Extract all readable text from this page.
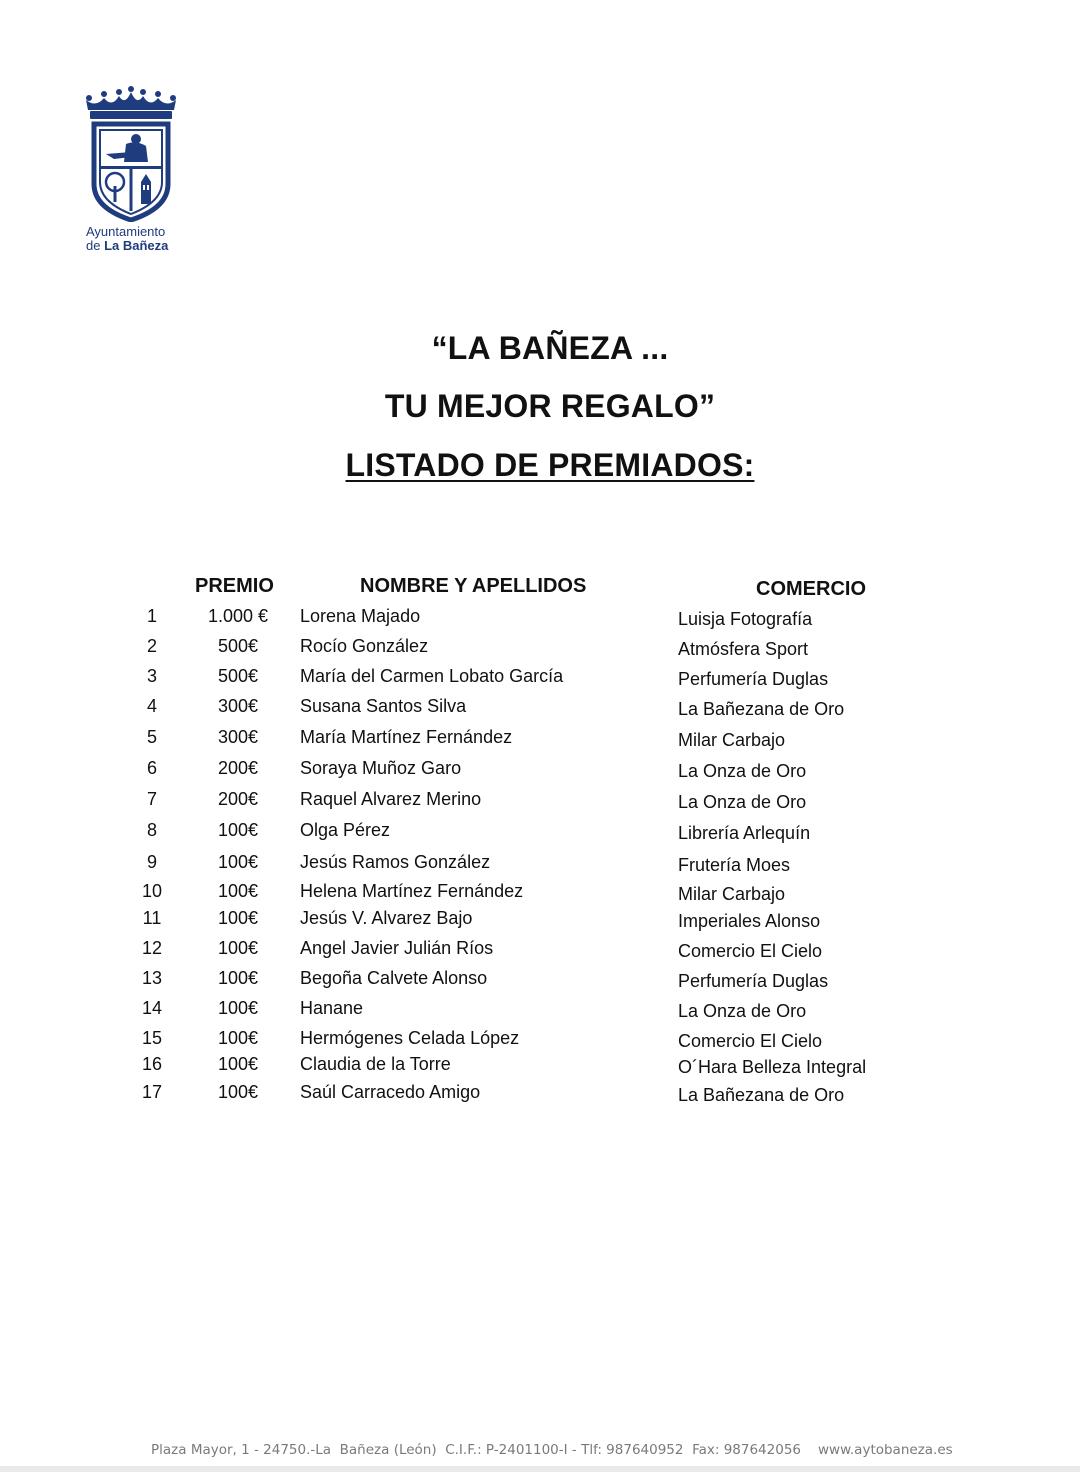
Ayuntamiento
de La Bañeza
“LA BAÑEZA ...
TU MEJOR REGALO”
LISTADO DE PREMIADOS:
PREMIO	NOMBRE Y APELLIDOS	COMERCIO
1	1.000 €	Lorena Majado	Luisja Fotografía
2	500€	Rocío González	Atmósfera Sport
3	500€	María del Carmen Lobato García	Perfumería Duglas
4	300€	Susana Santos Silva	La Bañezana de Oro
5	300€	María Martínez Fernández	Milar Carbajo
6	200€	Soraya Muñoz Garo	La Onza de Oro
7	200€	Raquel Alvarez Merino	La Onza de Oro
8	100€	Olga Pérez	Librería Arlequín
9	100€	Jesús Ramos González	Frutería Moes
10	100€	Helena Martínez Fernández	Milar Carbajo
11	100€	Jesús V. Alvarez Bajo	Imperiales Alonso
12	100€	Angel Javier Julián Ríos	Comercio El Cielo
13	100€	Begoña Calvete Alonso	Perfumería Duglas
14	100€	Hanane	La Onza de Oro
15	100€	Hermógenes Celada López	Comercio El Cielo
16	100€	Claudia de la Torre	O´Hara Belleza Integral
17	100€	Saúl Carracedo Amigo	La Bañezana de Oro
Plaza Mayor, 1 - 24750.-La  Bañeza (León)  C.I.F.: P-2401100-I - Tlf: 987640952  Fax: 987642056 www.aytobaneza.es
